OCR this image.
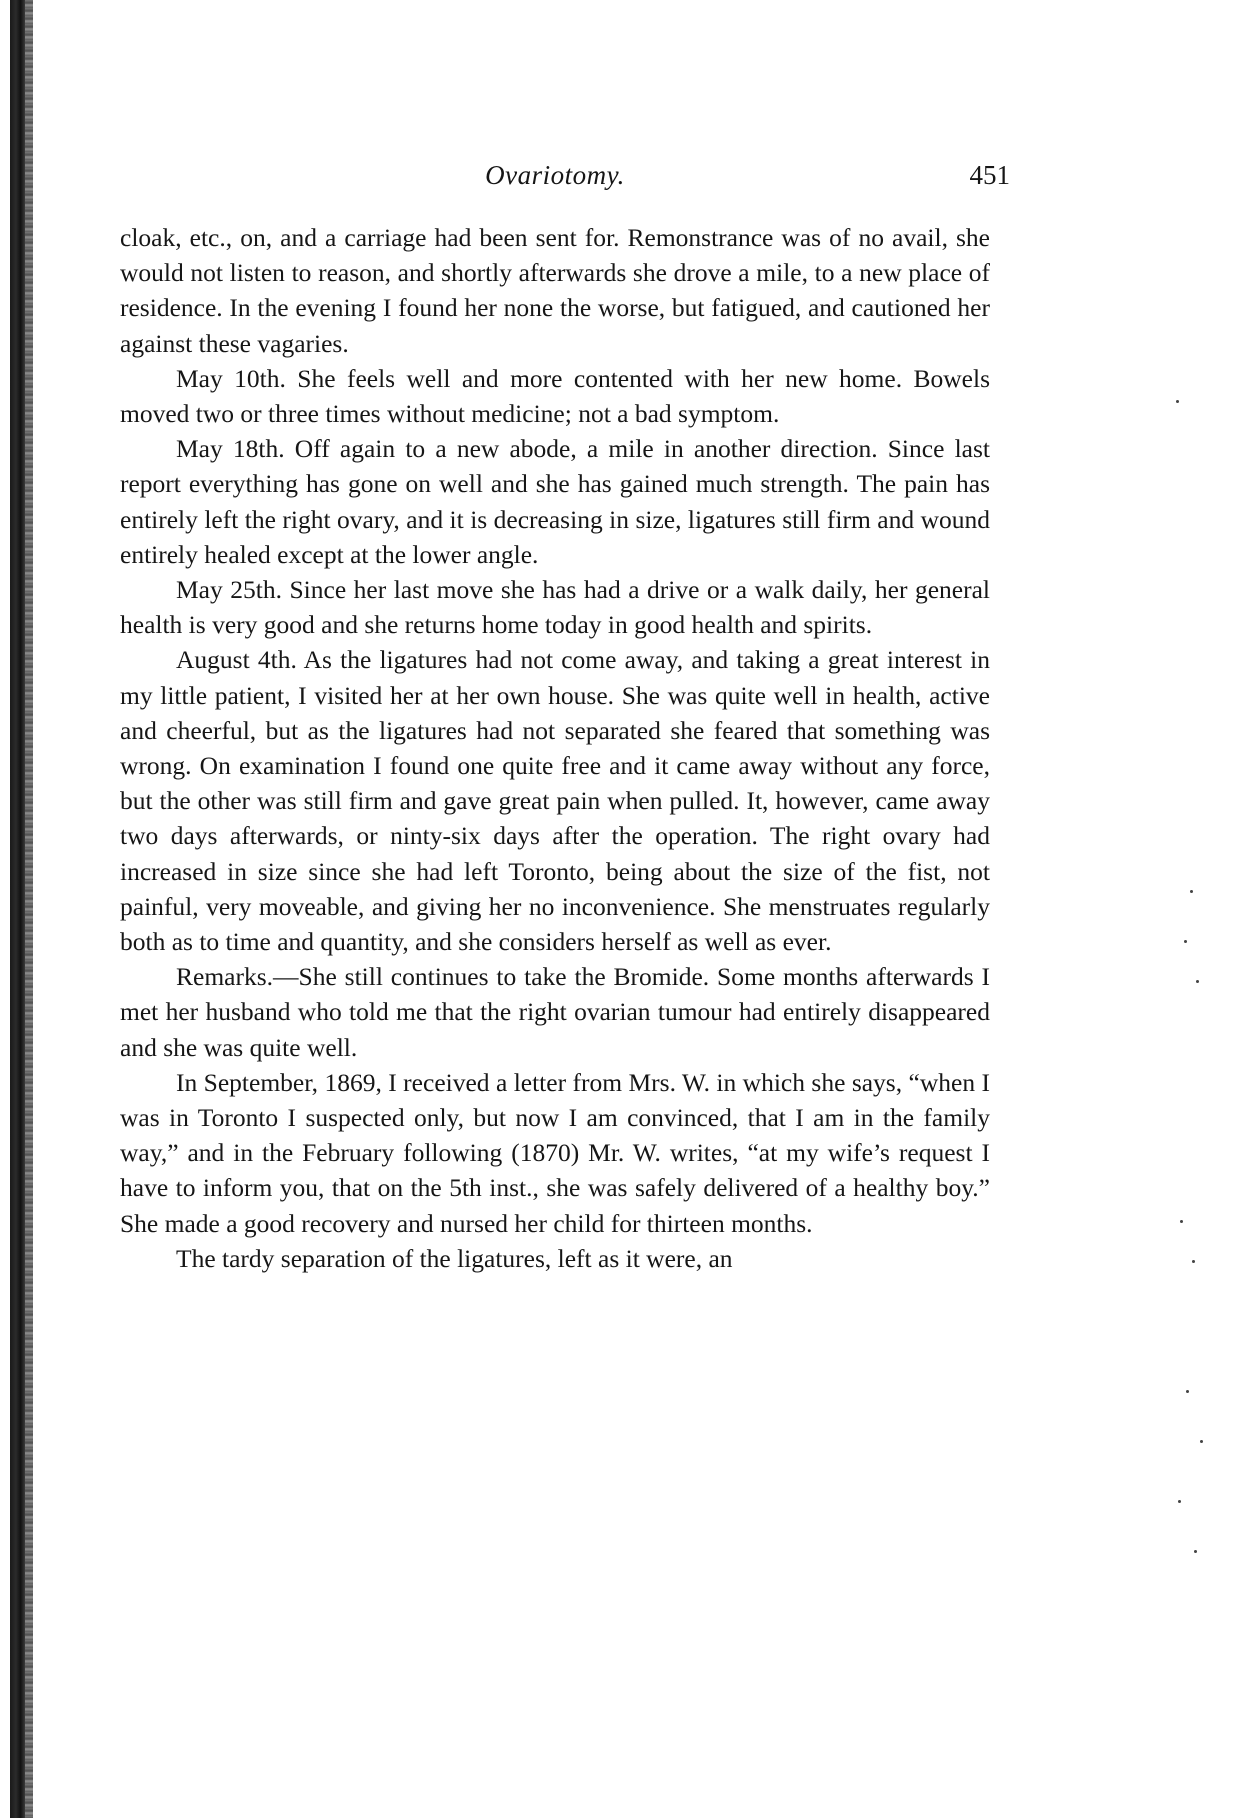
Ovariotomy.	451

cloak, etc., on, and a carriage had been sent for. Remonstrance was of no avail, she would not listen to reason, and shortly afterwards she drove a mile, to a new place of residence. In the evening I found her none the worse, but fatigued, and cautioned her against these vagaries.

May 10th. She feels well and more contented with her new home. Bowels moved two or three times without medicine; not a bad symptom.

May 18th. Off again to a new abode, a mile in another direction. Since last report everything has gone on well and she has gained much strength. The pain has entirely left the right ovary, and it is decreasing in size, ligatures still firm and wound entirely healed except at the lower angle.

May 25th. Since her last move she has had a drive or a walk daily, her general health is very good and she returns home today in good health and spirits.

August 4th. As the ligatures had not come away, and taking a great interest in my little patient, I visited her at her own house. She was quite well in health, active and cheerful, but as the ligatures had not separated she feared that something was wrong. On examination I found one quite free and it came away without any force, but the other was still firm and gave great pain when pulled. It, however, came away two days afterwards, or ninty-six days after the operation. The right ovary had increased in size since she had left Toronto, being about the size of the fist, not painful, very moveable, and giving her no inconvenience. She menstruates regularly both as to time and quantity, and she considers herself as well as ever.

Remarks.—She still continues to take the Bromide. Some months afterwards I met her husband who told me that the right ovarian tumour had entirely disappeared and she was quite well.

In September, 1869, I received a letter from Mrs. W. in which she says, “when I was in Toronto I suspected only, but now I am convinced, that I am in the family way,” and in the February following (1870) Mr. W. writes, “at my wife’s request I have to inform you, that on the 5th inst., she was safely delivered of a healthy boy.” She made a good recovery and nursed her child for thirteen months.

The tardy separation of the ligatures, left as it were, an
